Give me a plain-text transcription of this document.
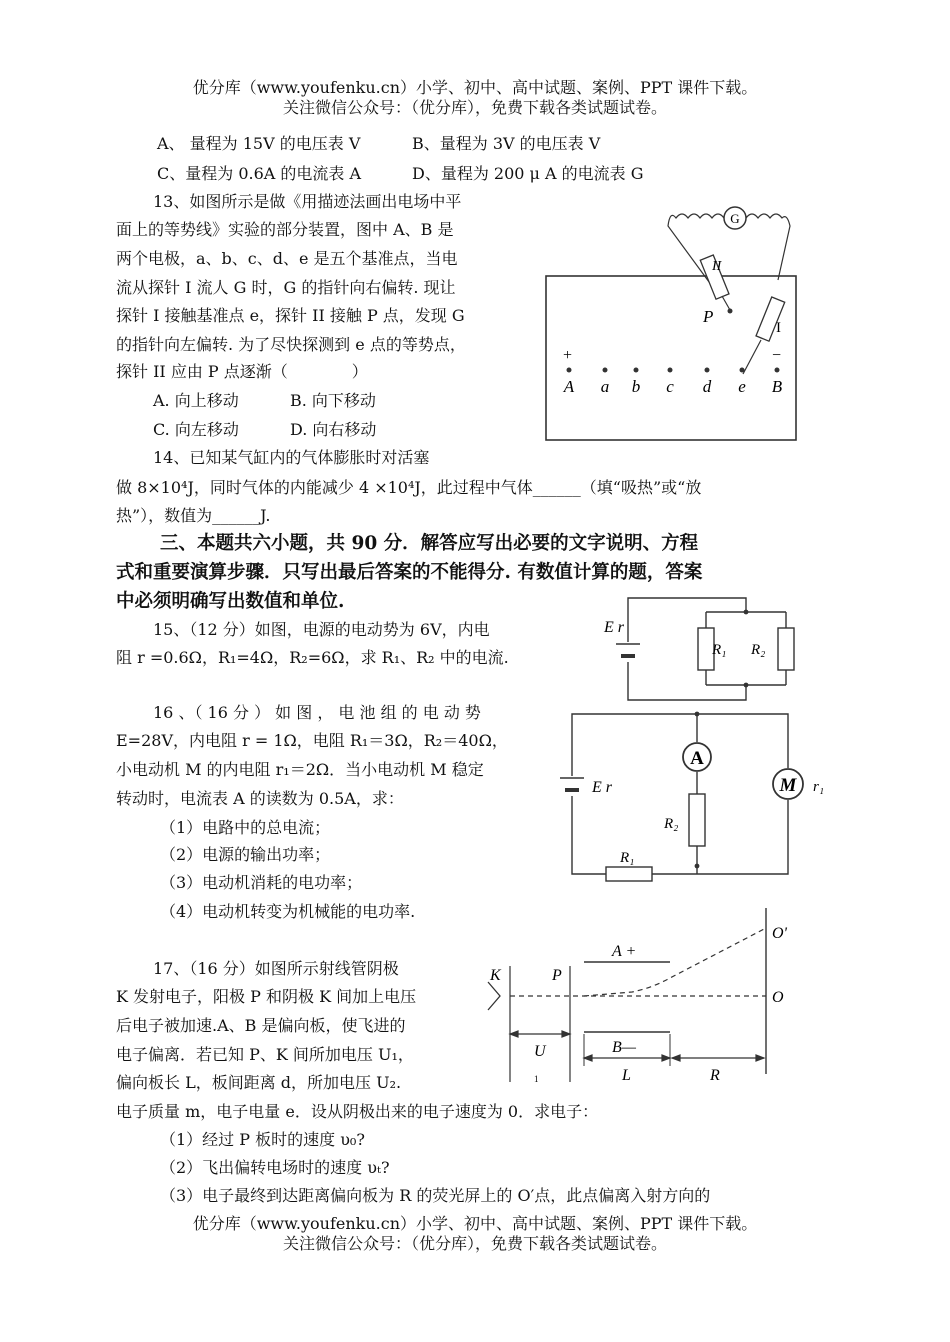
优分库（www.youfenku.cn）小学、初中、高中试题、案例、PPT 课件下载。
关注微信公众号：（优分库），免费下载各类试题试卷。
A、 量程为 15V 的电压表 V	B、量程为 3V 的电压表 V
C、量程为 0.6A 的电流表 A	D、量程为 200 μ A 的电流表 G
13、如图所示是做《用描迹法画出电场中平
面上的等势线》实验的部分装置，图中 A、B 是
两个电极，a、b、c、d、e 是五个基准点，当电
流从探针 I 流人 G 时，G 的指针向右偏转. 现让
探针 I 接触基准点 e，探针 II 接触 P 点，发现 G
的指针向左偏转. 为了尽快探测到 e 点的等势点，
探针 II 应由 P 点逐渐（　　　　）
A. 向上移动	B. 向下移动
C. 向左移动	D. 向右移动
G
II
P
I
+	−
A a b c d e B
14、已知某气缸内的气体膨胀时对活塞
做 8×10⁴J，同时气体的内能减少 4 ×10⁴J，此过程中气体______（填“吸热”或“放
热”），数值为______J.
三、本题共六小题，共 90 分．解答应写出必要的文字说明、方程
式和重要演算步骤．只写出最后答案的不能得分. 有数值计算的题，答案
中必须明确写出数值和单位.
15、（12 分）如图，电源的电动势为 6V，内电
阻 r =0.6Ω，R₁=4Ω，R₂=6Ω，求 R₁、R₂ 中的电流.
E r
R₁ R₂
16 、（ 16 分 ） 如 图 ， 电 池 组 的 电 动 势
E=28V，内电阻 r = 1Ω，电阻 R₁＝3Ω，R₂＝40Ω，
小电动机 M 的内电阻 r₁＝2Ω．当小电动机 M 稳定
转动时，电流表 A 的读数为 0.5A，求：
（1）电路中的总电流；
（2）电源的输出功率；
（3）电动机消耗的电功率；
（4）电动机转变为机械能的电功率.
A
M r₁
E r
R₂
R₁
17、（16 分）如图所示射线管阴极
K 发射电子，阳极 P 和阴极 K 间加上电压
后电子被加速.A、B 是偏向板，使飞进的
电子偏离．若已知 P、K 间所加电压 U₁，
偏向板长 L，板间距离 d，所加电压 U₂.
电子质量 m，电子电量 e．设从阴极出来的电子速度为 0．求电子：
（1）经过 P 板时的速度 υ₀?
（2）飞出偏转电场时的速度 υₜ?
（3）电子最终到达距离偏向板为 R 的荧光屏上的 O′点，此点偏离入射方向的
O'
O
K	P
A +
B—
U
L	R
1
优分库（www.youfenku.cn）小学、初中、高中试题、案例、PPT 课件下载。
关注微信公众号：（优分库），免费下载各类试题试卷。
